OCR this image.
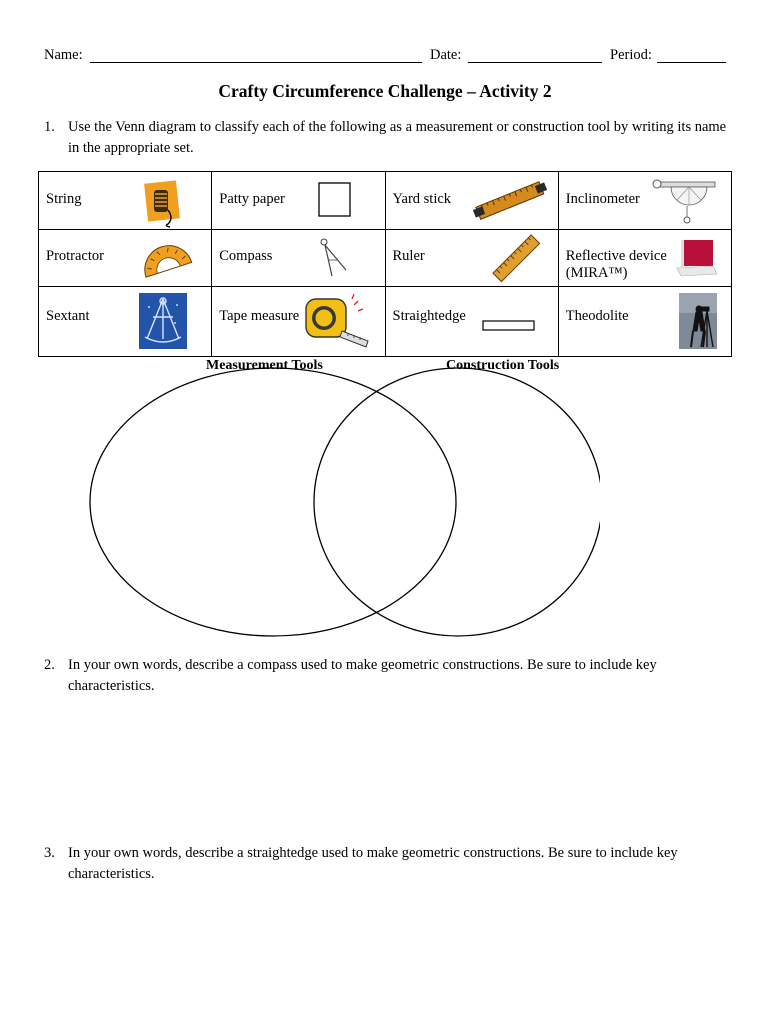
Name:	Date:	Period:
Crafty Circumference Challenge – Activity 2
1. Use the Venn diagram to classify each of the following as a measurement or construction tool by writing its name in the appropriate set.
String	Patty paper	Yard stick	Inclinometer

Protractor	Compass	Ruler	Reflective device (MIRA™)

Sextant	Tape measure	Straightedge	Theodolite
Measurement Tools	Construction Tools
2. In your own words, describe a compass used to make geometric constructions. Be sure to include key characteristics.
3. In your own words, describe a straightedge used to make geometric constructions. Be sure to include key characteristics.
